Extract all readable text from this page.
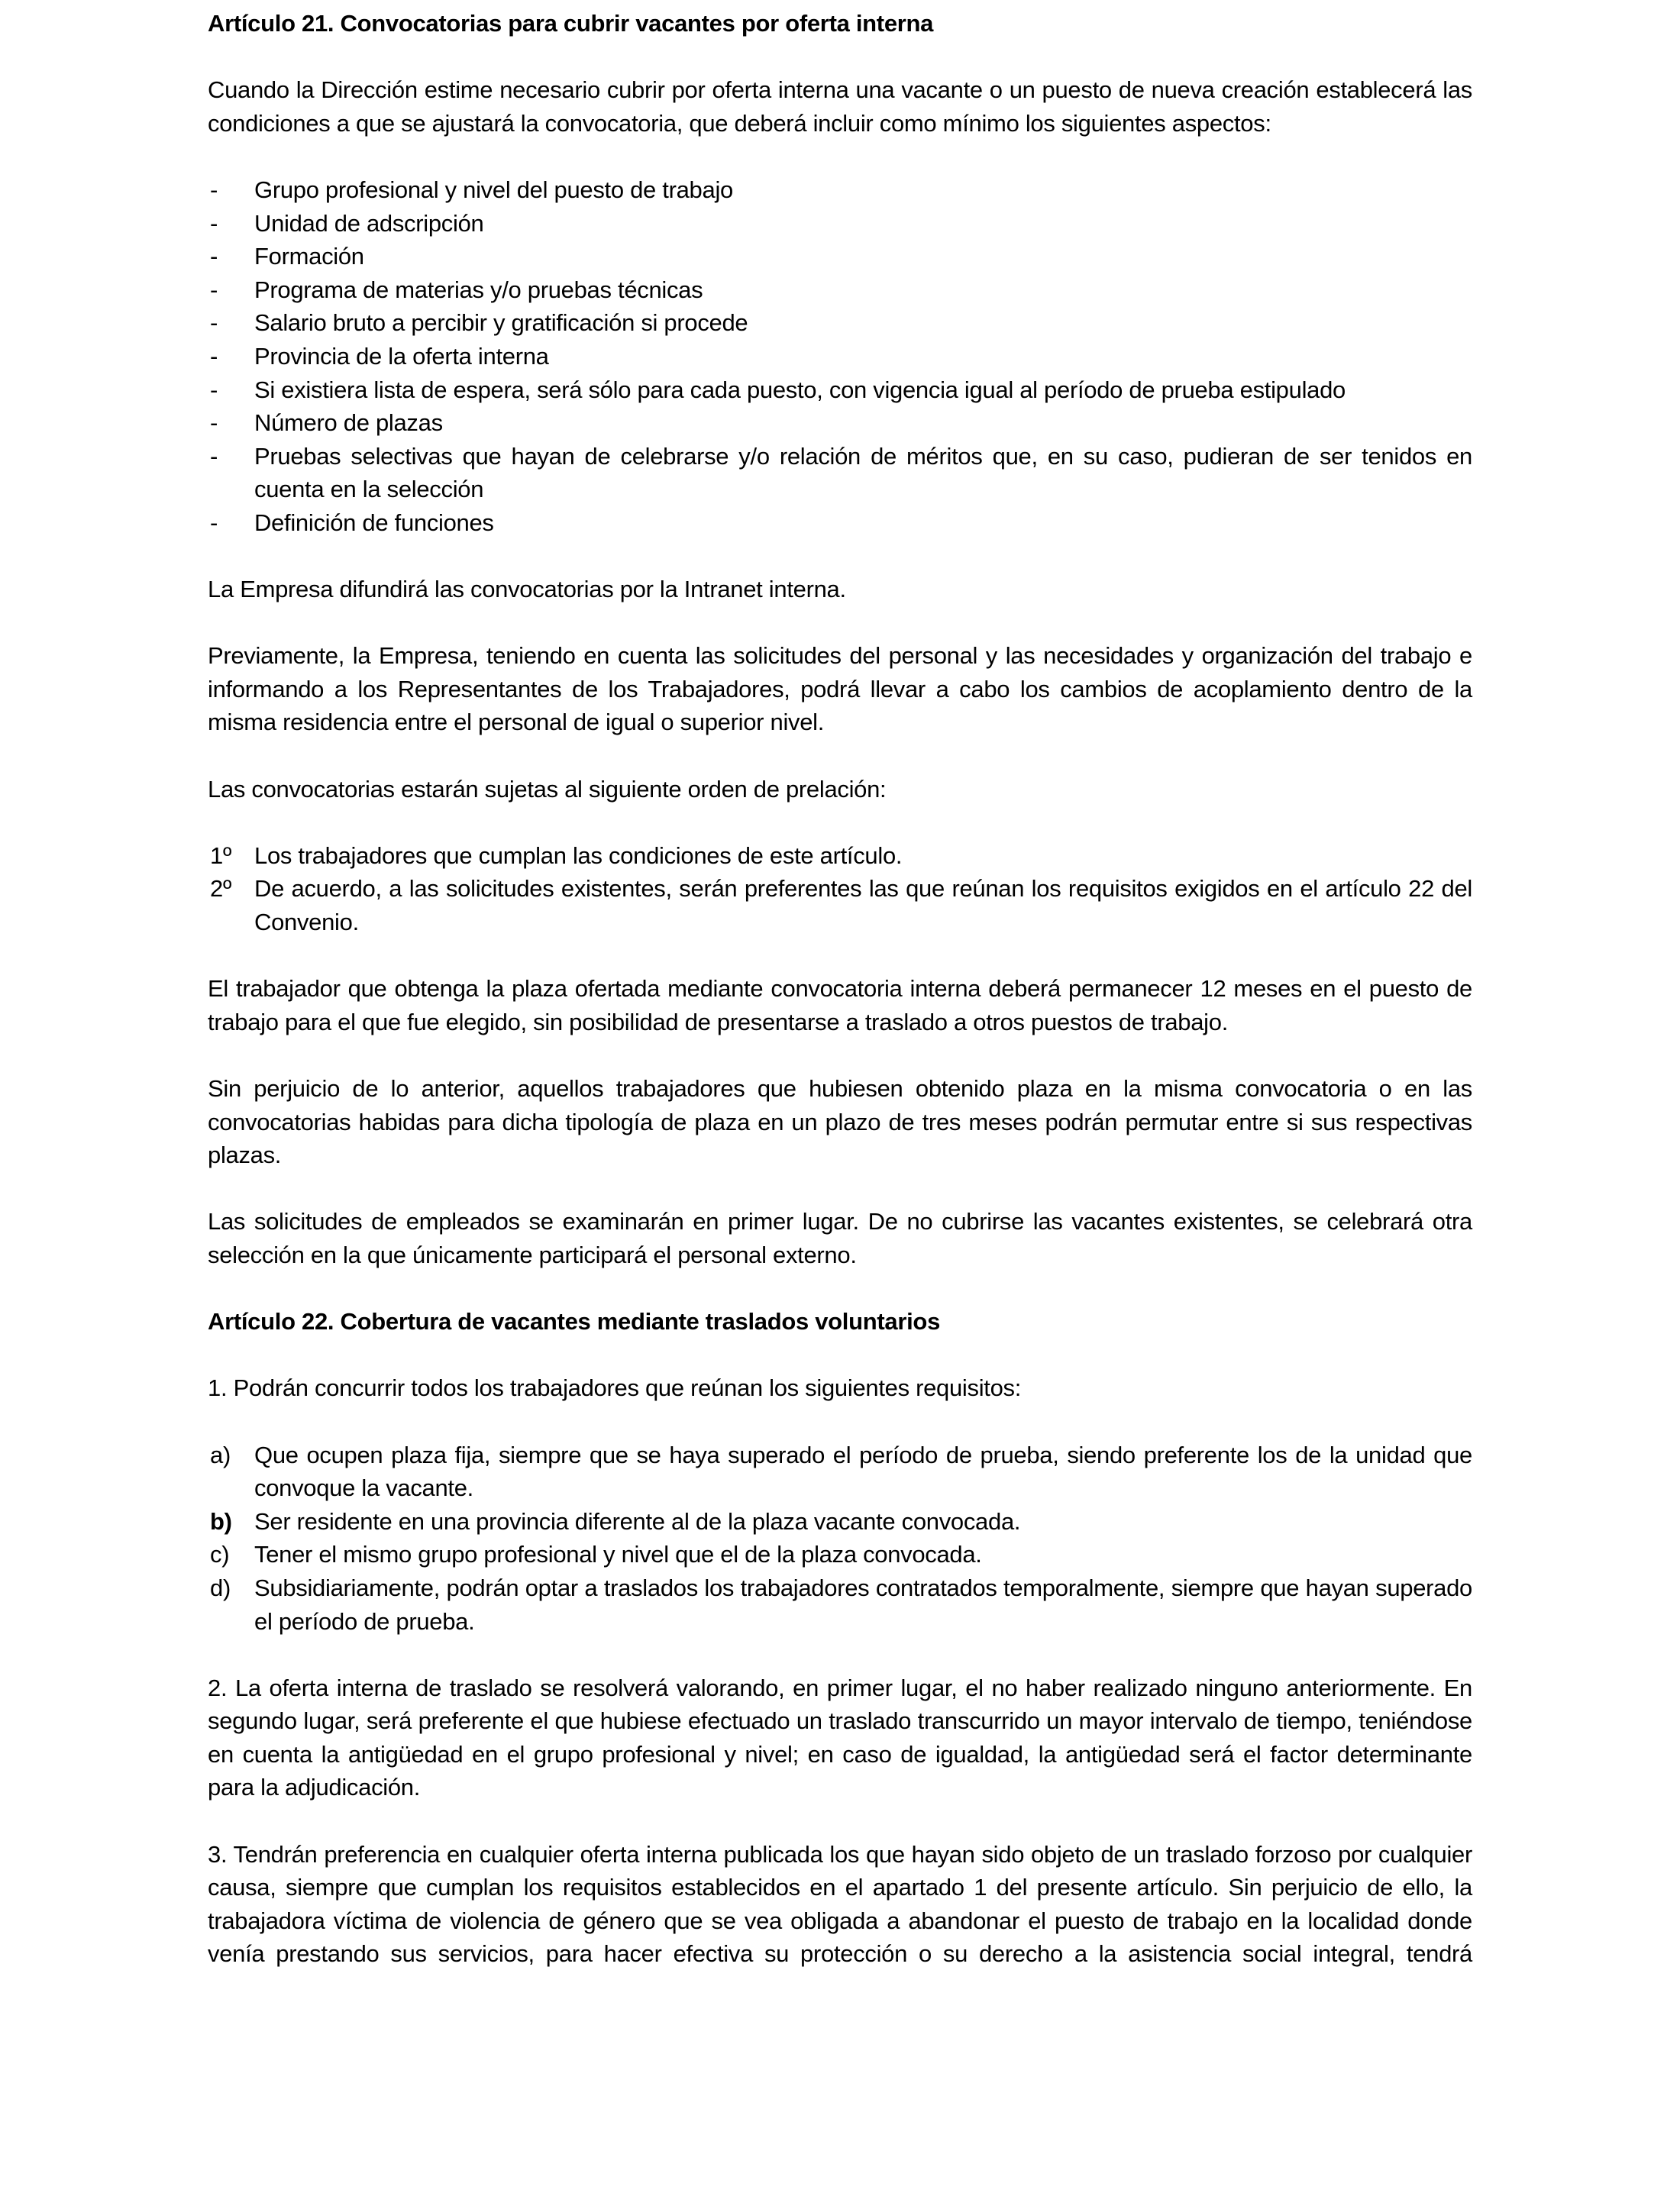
Artículo 21. Convocatorias para cubrir vacantes por oferta interna

Cuando la Dirección estime necesario cubrir por oferta interna una vacante o un puesto de nueva creación establecerá las condiciones a que se ajustará la convocatoria, que deberá incluir como mínimo los siguientes aspectos:

- Grupo profesional y nivel del puesto de trabajo
- Unidad de adscripción
- Formación
- Programa de materias y/o pruebas técnicas
- Salario bruto a percibir y gratificación si procede
- Provincia de la oferta interna
- Si existiera lista de espera, será sólo para cada puesto, con vigencia igual al período de prueba estipulado
- Número de plazas
- Pruebas selectivas que hayan de celebrarse y/o relación de méritos que, en su caso, pudieran de ser tenidos en cuenta en la selección
- Definición de funciones

La Empresa difundirá las convocatorias por la Intranet interna.

Previamente, la Empresa, teniendo en cuenta las solicitudes del personal y las necesidades y organización del trabajo e informando a los Representantes de los Trabajadores, podrá llevar a cabo los cambios de acoplamiento dentro de la misma residencia entre el personal de igual o superior nivel.

Las convocatorias estarán sujetas al siguiente orden de prelación:

1º Los trabajadores que cumplan las condiciones de este artículo.
2º De acuerdo, a las solicitudes existentes, serán preferentes las que reúnan los requisitos exigidos en el artículo 22 del Convenio.

El trabajador que obtenga la plaza ofertada mediante convocatoria interna deberá permanecer 12 meses en el puesto de trabajo para el que fue elegido, sin posibilidad de presentarse a traslado a otros puestos de trabajo.

Sin perjuicio de lo anterior, aquellos trabajadores que hubiesen obtenido plaza en la misma convocatoria o en las convocatorias habidas para dicha tipología de plaza en un plazo de tres meses podrán permutar entre si sus respectivas plazas.

Las solicitudes de empleados se examinarán en primer lugar. De no cubrirse las vacantes existentes, se celebrará otra selección en la que únicamente participará el personal externo.

Artículo 22. Cobertura de vacantes mediante traslados voluntarios

1. Podrán concurrir todos los trabajadores que reúnan los siguientes requisitos:

a) Que ocupen plaza fija, siempre que se haya superado el período de prueba, siendo preferente los de la unidad que convoque la vacante.
b) Ser residente en una provincia diferente al de la plaza vacante convocada.
c) Tener el mismo grupo profesional y nivel que el de la plaza convocada.
d) Subsidiariamente, podrán optar a traslados los trabajadores contratados temporalmente, siempre que hayan superado el período de prueba.

2. La oferta interna de traslado se resolverá valorando, en primer lugar, el no haber realizado ninguno anteriormente. En segundo lugar, será preferente el que hubiese efectuado un traslado transcurrido un mayor intervalo de tiempo, teniéndose en cuenta la antigüedad en el grupo profesional y nivel; en caso de igualdad, la antigüedad será el factor determinante para la adjudicación.

3. Tendrán preferencia en cualquier oferta interna publicada los que hayan sido objeto de un traslado forzoso por cualquier causa, siempre que cumplan los requisitos establecidos en el apartado 1 del presente artículo. Sin perjuicio de ello, la trabajadora víctima de violencia de género que se vea obligada a abandonar el puesto de trabajo en la localidad donde venía prestando sus servicios, para hacer efectiva su protección o su derecho a la asistencia social integral, tendrá
